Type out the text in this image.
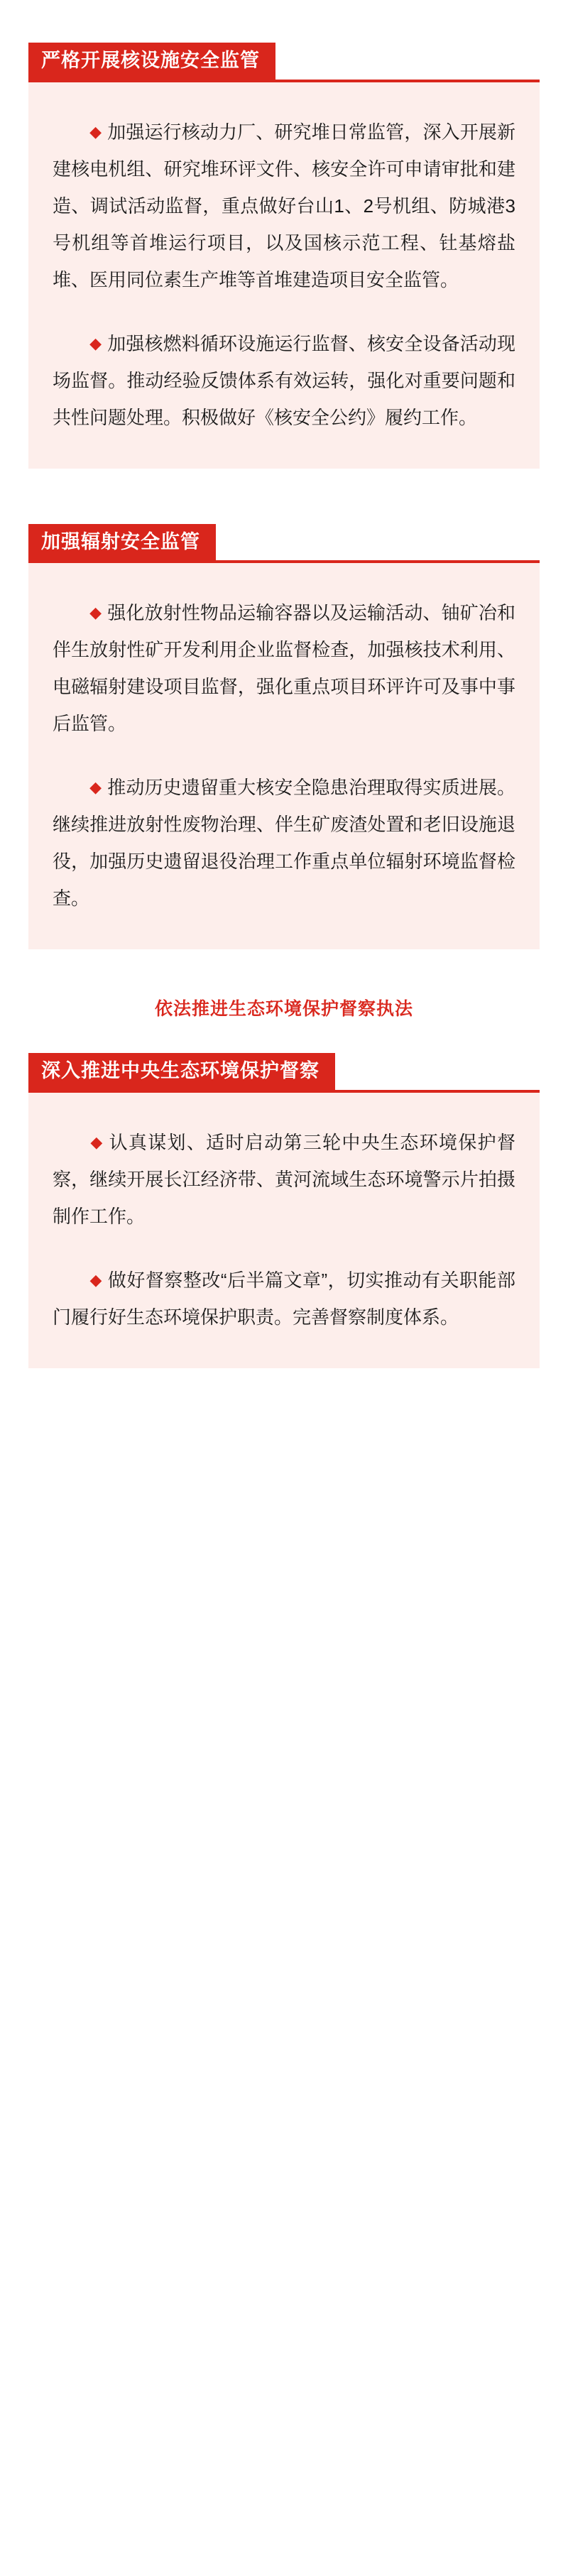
严格开展核设施安全监管

◆ 加强运行核动力厂、研究堆日常监管，深入开展新建核电机组、研究堆环评文件、核安全许可申请审批和建造、调试活动监督，重点做好台山1、2号机组、防城港3号机组等首堆运行项目，以及国核示范工程、钍基熔盐堆、医用同位素生产堆等首堆建造项目安全监管。

◆ 加强核燃料循环设施运行监督、核安全设备活动现场监督。推动经验反馈体系有效运转，强化对重要问题和共性问题处理。积极做好《核安全公约》履约工作。

加强辐射安全监管

◆ 强化放射性物品运输容器以及运输活动、铀矿冶和伴生放射性矿开发利用企业监督检查，加强核技术利用、电磁辐射建设项目监督，强化重点项目环评许可及事中事后监管。

◆ 推动历史遗留重大核安全隐患治理取得实质进展。继续推进放射性废物治理、伴生矿废渣处置和老旧设施退役，加强历史遗留退役治理工作重点单位辐射环境监督检查。

依法推进生态环境保护督察执法
深入推进中央生态环境保护督察

◆ 认真谋划、适时启动第三轮中央生态环境保护督察，继续开展长江经济带、黄河流域生态环境警示片拍摄制作工作。

◆ 做好督察整改“后半篇文章”，切实推动有关职能部门履行好生态环境保护职责。完善督察制度体系。
